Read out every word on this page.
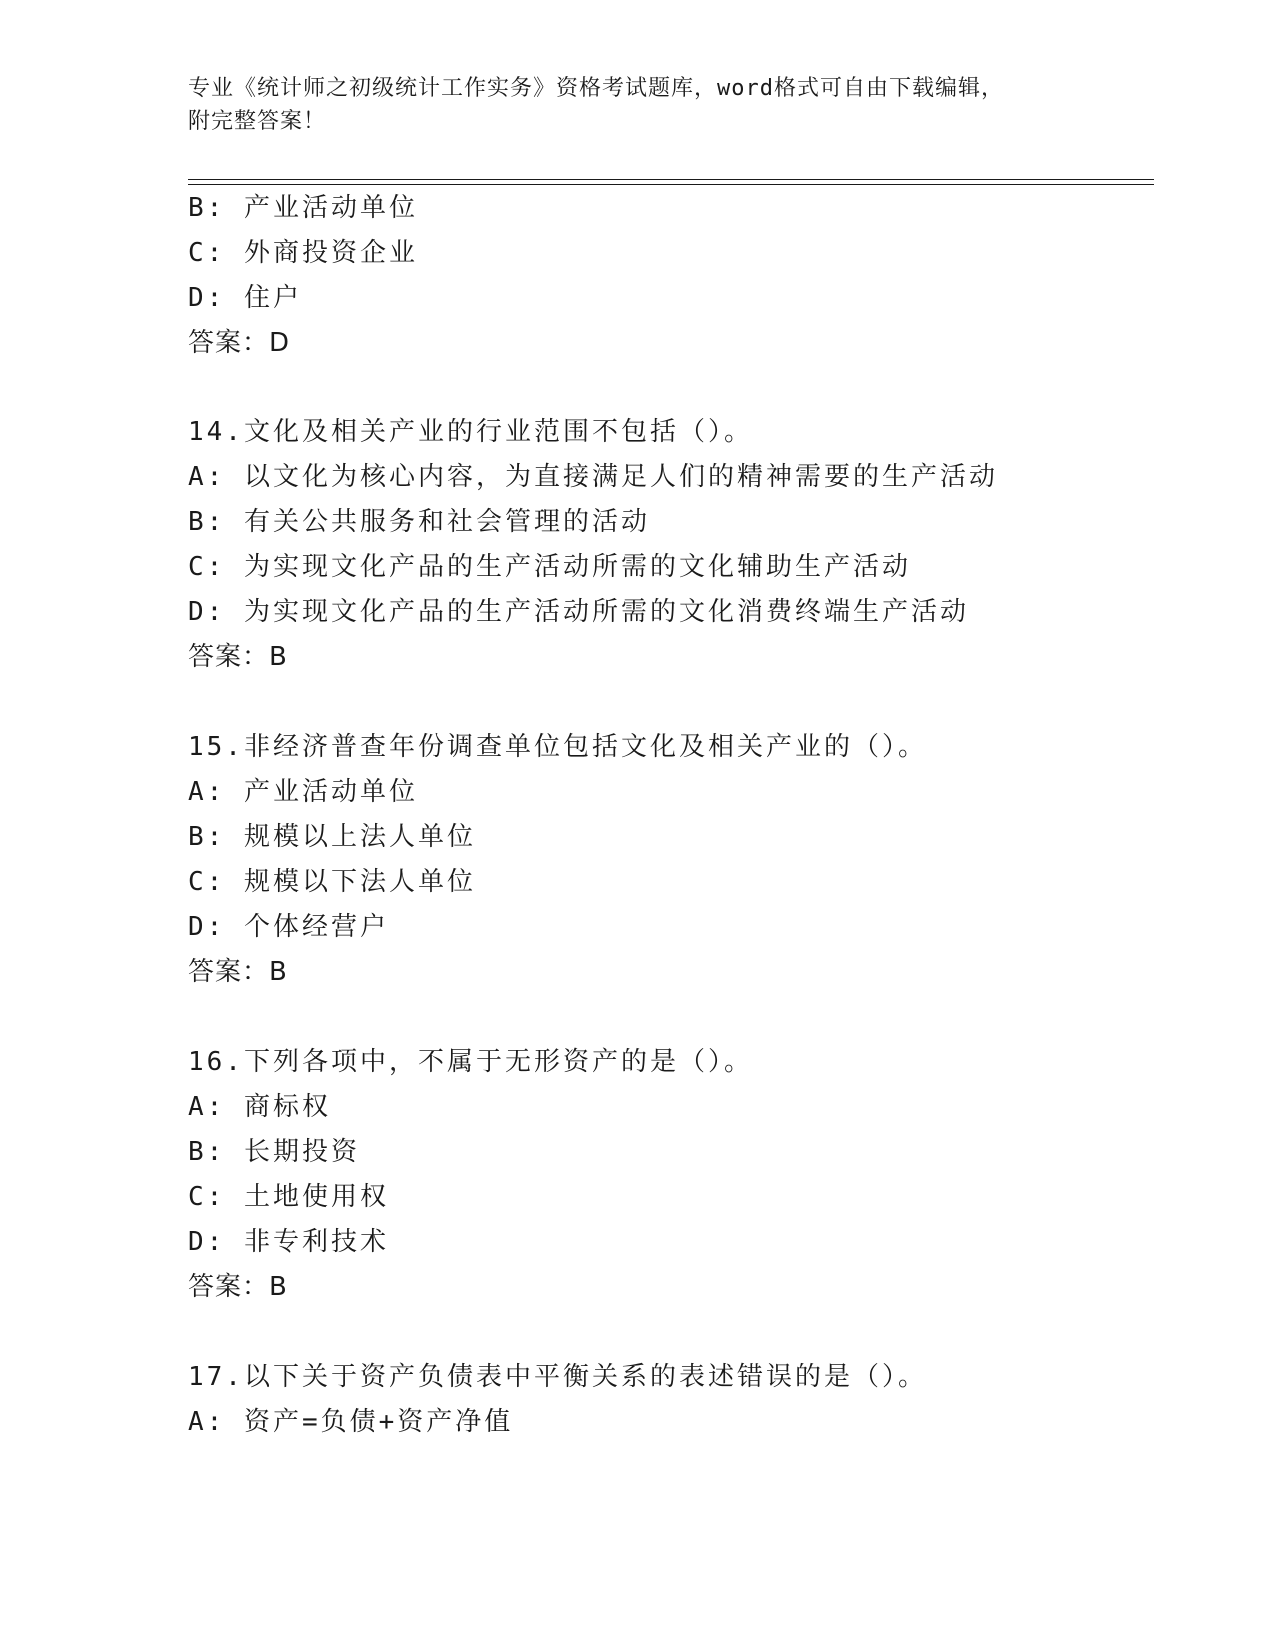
专业《统计师之初级统计工作实务》资格考试题库，word格式可自由下载编辑，
附完整答案！
B: 产业活动单位
C: 外商投资企业
D: 住户
答案：D
14.文化及相关产业的行业范围不包括（）。
A: 以文化为核心内容，为直接满足人们的精神需要的生产活动
B: 有关公共服务和社会管理的活动
C: 为实现文化产品的生产活动所需的文化辅助生产活动
D: 为实现文化产品的生产活动所需的文化消费终端生产活动
答案：B
15.非经济普查年份调查单位包括文化及相关产业的（）。
A: 产业活动单位
B: 规模以上法人单位
C: 规模以下法人单位
D: 个体经营户
答案：B
16.下列各项中，不属于无形资产的是（）。
A: 商标权
B: 长期投资
C: 土地使用权
D: 非专利技术
答案：B
17.以下关于资产负债表中平衡关系的表述错误的是（）。
A: 资产=负债+资产净值
